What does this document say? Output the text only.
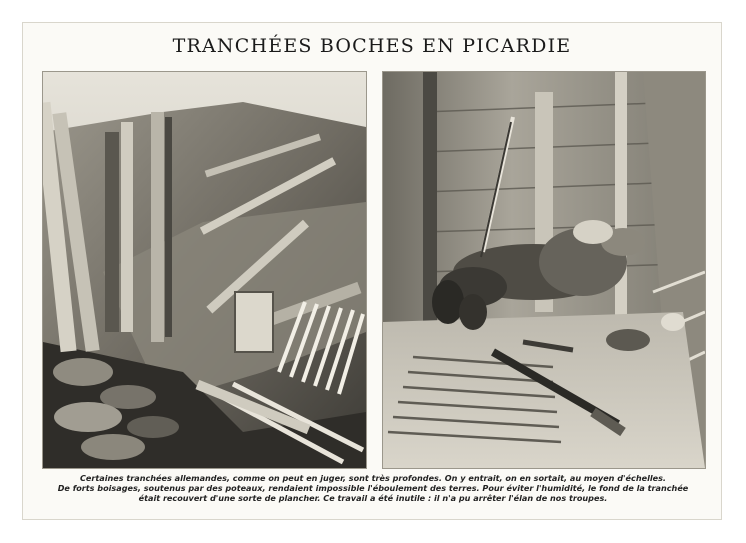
TRANCHÉES BOCHES EN PICARDIE
Certaines tranchées allemandes, comme on peut en juger, sont très profondes. On y entrait, on en sortait, au moyen d'échelles.
De forts boisages, soutenus par des poteaux, rendaient impossible l'éboulement des terres. Pour éviter l'humidité, le fond de la tranchée
était recouvert d'une sorte de plancher. Ce travail a été inutile : il n'a pu arrêter l'élan de nos troupes.
